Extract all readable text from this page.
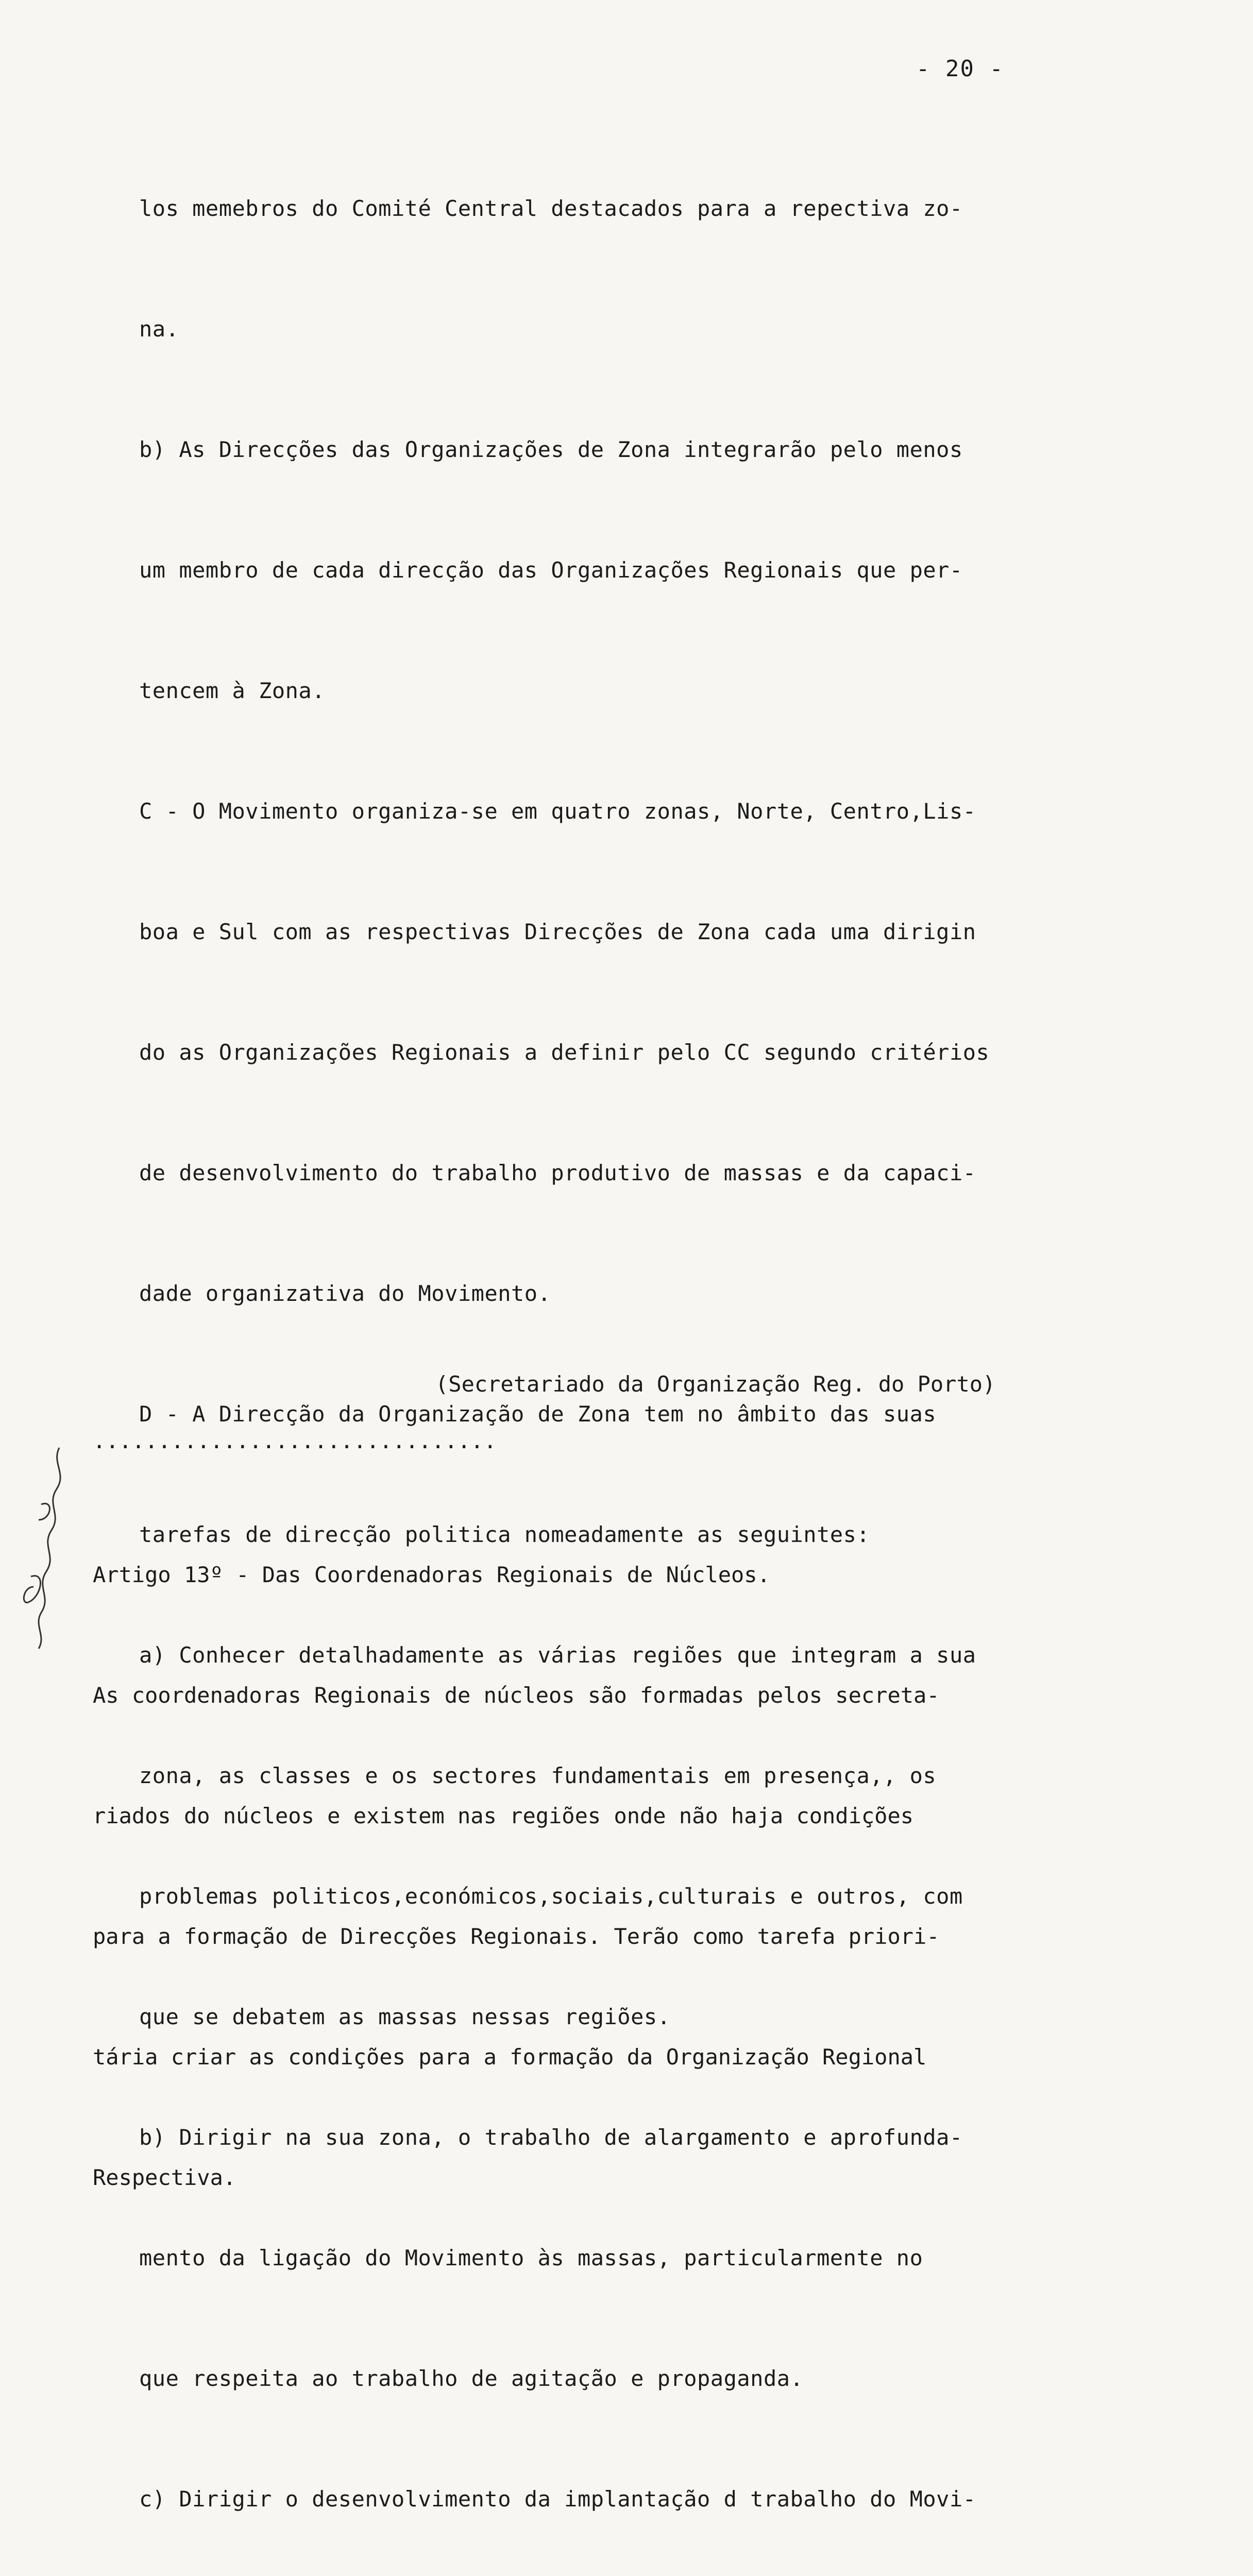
- 20 -

los memebros do Comité Central destacados para a repectiva zo-

na.

b) As Direcções das Organizações de Zona integrarão pelo menos

um membro de cada direcção das Organizações Regionais que per-

tencem à Zona.

C - O Movimento organiza-se em quatro zonas, Norte, Centro,Lis-

boa e Sul com as respectivas Direcções de Zona cada uma dirigin

do as Organizações Regionais a definir pelo CC segundo critérios

de desenvolvimento do trabalho produtivo de massas e da capaci-

dade organizativa do Movimento.

D - A Direcção da Organização de Zona tem no âmbito das suas

tarefas de direcção politica nomeadamente as seguintes:

a) Conhecer detalhadamente as várias regiões que integram a sua

zona, as classes e os sectores fundamentais em presença,, os

problemas politicos,económicos,sociais,culturais e outros, com

que se debatem as massas nessas regiões.

b) Dirigir na sua zona, o trabalho de alargamento e aprofunda-

mento da ligação do Movimento às massas, particularmente no

que respeita ao trabalho de agitação e propaganda.

c) Dirigir o desenvolvimento da implantação d trabalho do Movi-

(Secretariado da Organização Reg. do Porto)
...............................

Artigo 13º - Das Coordenadoras Regionais de Núcleos.

As coordenadoras Regionais de núcleos são formadas pelos secreta-

riados do núcleos e existem nas regiões onde não haja condições

para a formação de Direcções Regionais. Terão como tarefa priori-

tária criar as condições para a formação da Organização Regional

Respectiva.
